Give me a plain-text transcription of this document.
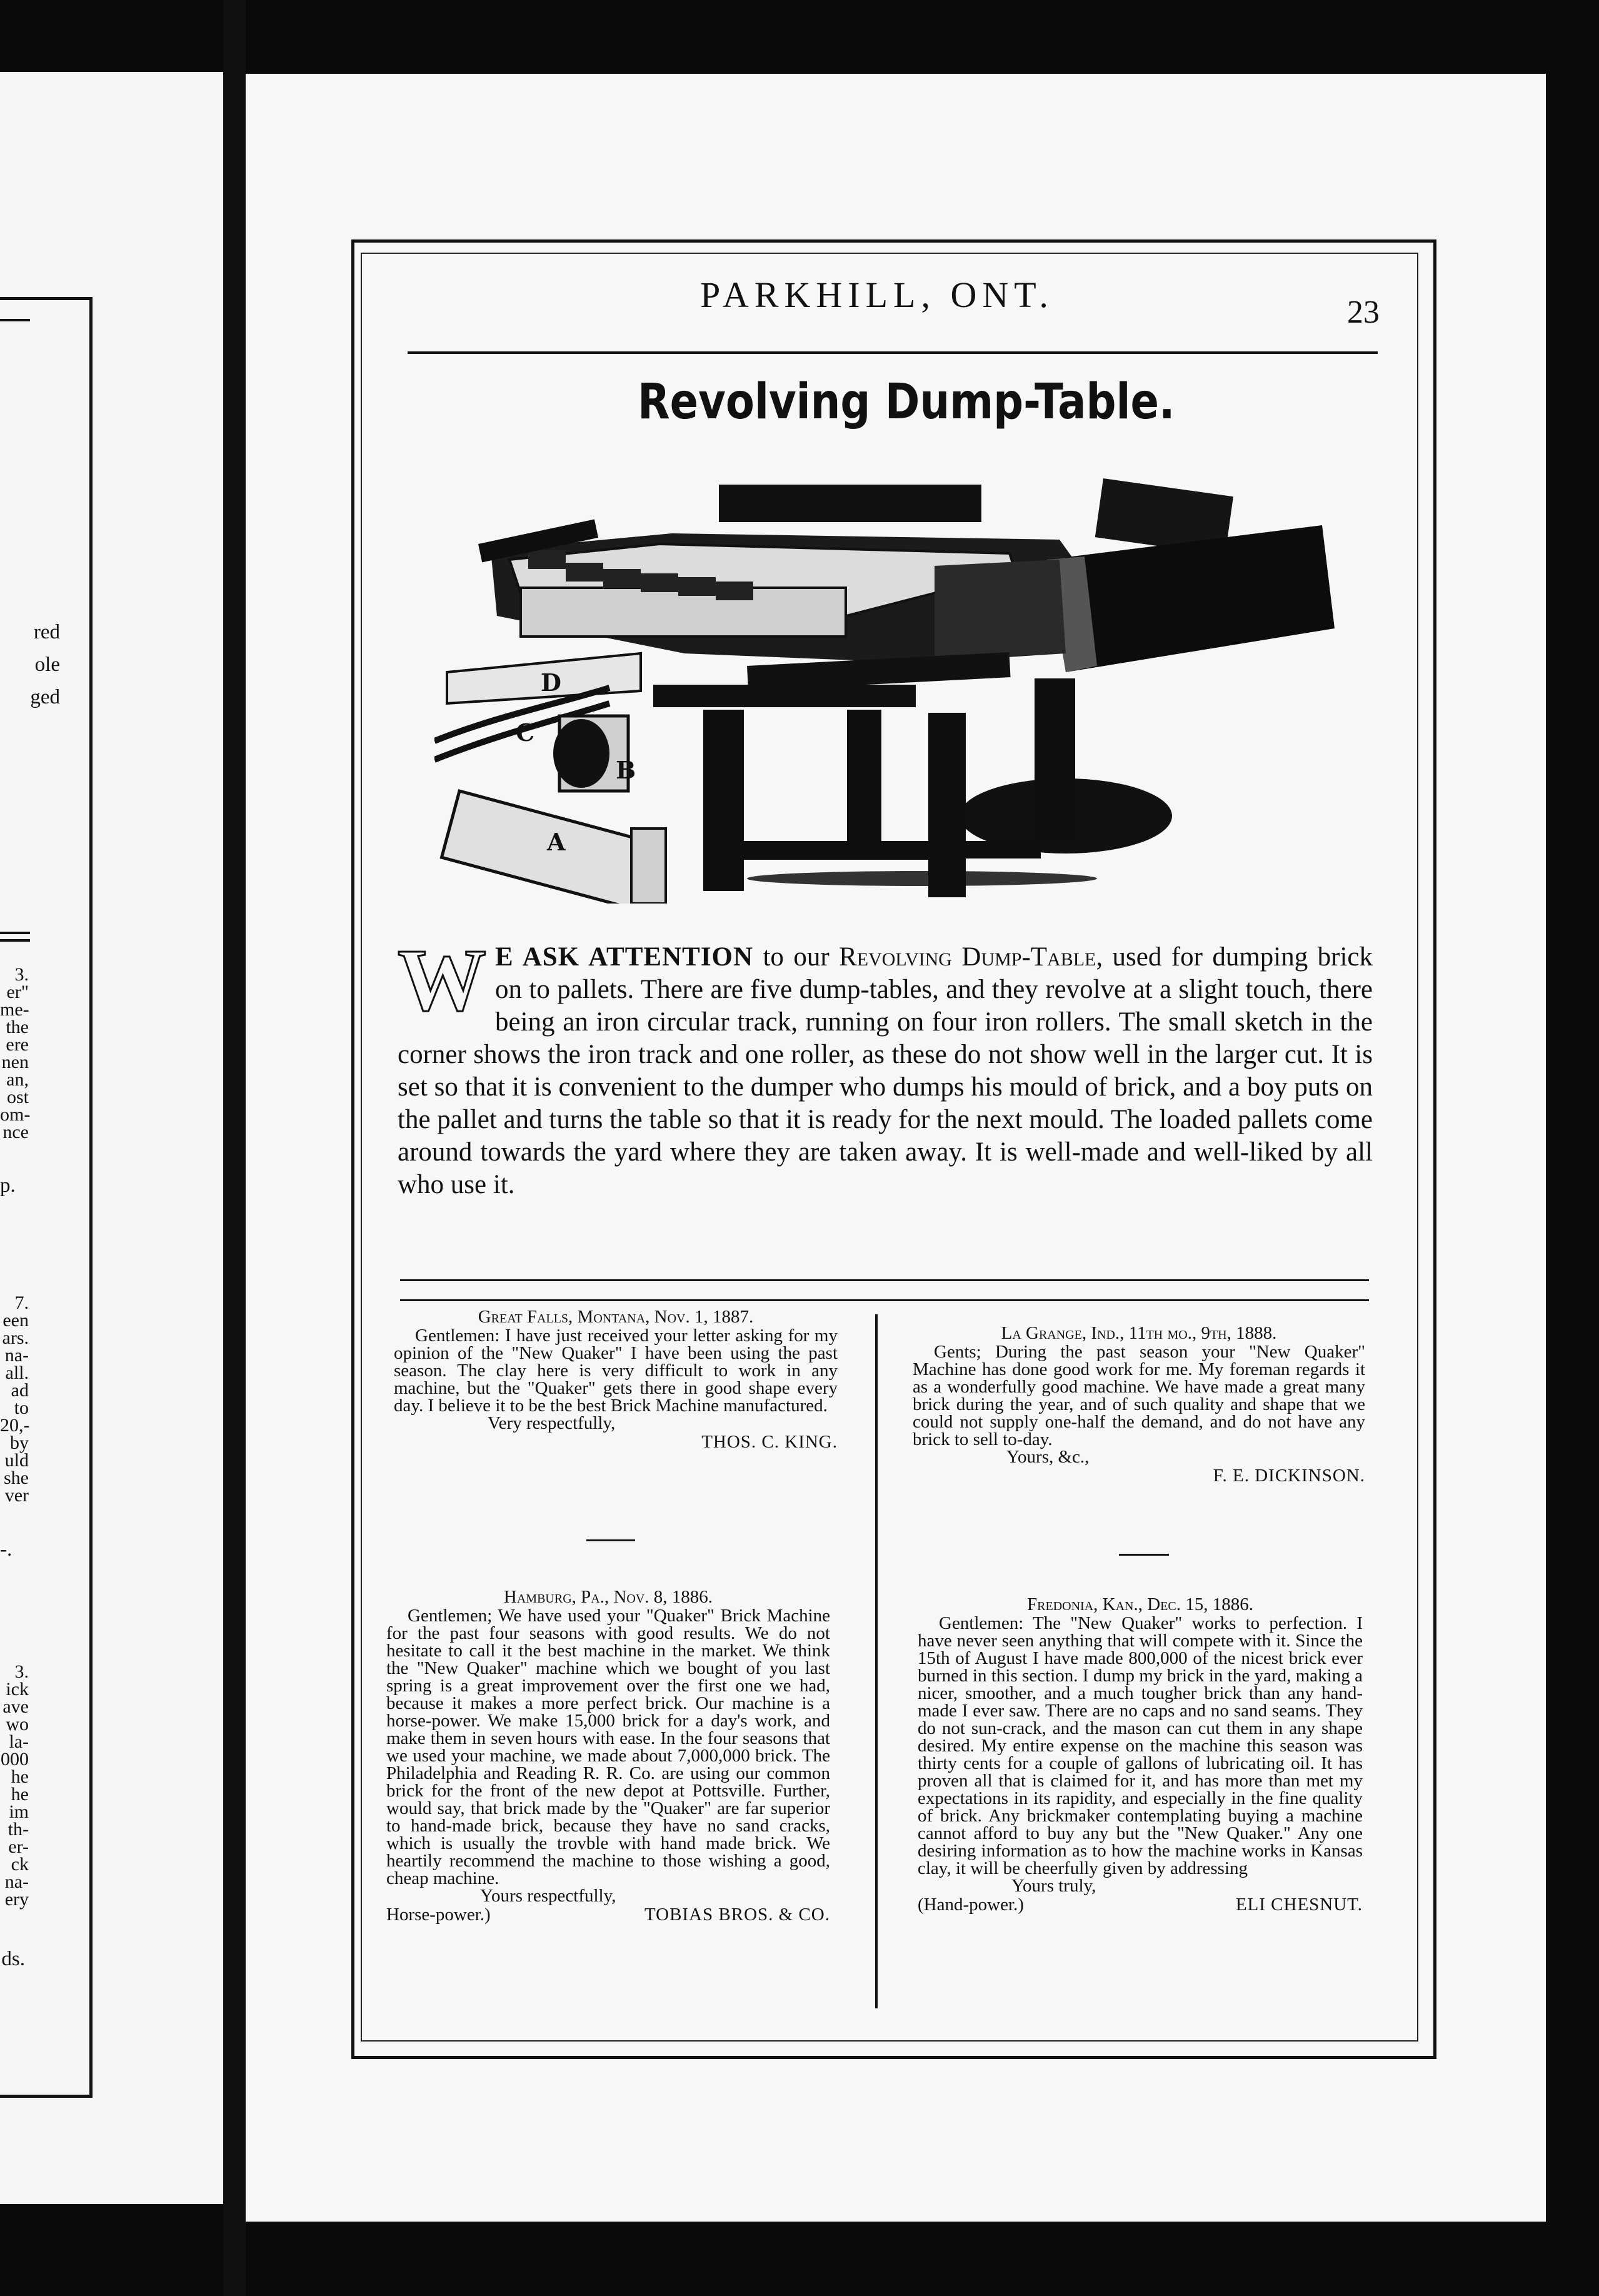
red
ole
ged
3.
er"
me-
the
ere
nen
an,
ost
om-
nce
p.
7.
een
ars.
na-
all.
ad
to
20,-
by
uld
she
ver
-.
3.
ick
ave
wo
la-
000
he
he
im
th-
er-
ck
na-
ery
ds.
PARKHILL, ONT.	23
Revolving Dump-Table.
D
C
B
A
W E ASK ATTENTION to our Revolving Dump-Table, used for dumping brick on to pallets. There are five dump-tables, and they revolve at a slight touch, there being an iron circular track, running on four iron rollers. The small sketch in the corner shows the iron track and one roller, as these do not show well in the larger cut. It is set so that it is convenient to the dumper who dumps his mould of brick, and a boy puts on the pallet and turns the table so that it is ready for the next mould. The loaded pallets come around towards the yard where they are taken away. It is well-made and well-liked by all who use it.
Great Falls, Montana, Nov. 1, 1887.
Gentlemen: I have just received your letter asking for my opinion of the "New Quaker" I have been using the past season. The clay here is very difficult to work in any machine, but the "Quaker" gets there in good shape every day. I believe it to be the best Brick Machine manufactured.
Very respectfully,
THOS. C. KING.
La Grange, Ind., 11th mo., 9th, 1888.
Gents; During the past season your "New Quaker" Machine has done good work for me. My foreman regards it as a wonderfully good machine. We have made a great many brick during the year, and of such quality and shape that we could not supply one-half the demand, and do not have any brick to sell to-day.
Yours, &c.,
F. E. DICKINSON.
Hamburg, Pa., Nov. 8, 1886.
Gentlemen; We have used your "Quaker" Brick Machine for the past four seasons with good results. We do not hesitate to call it the best machine in the market. We think the "New Quaker" machine which we bought of you last spring is a great improvement over the first one we had, because it makes a more perfect brick. Our machine is a horse-power. We make 15,000 brick for a day's work, and make them in seven hours with ease. In the four seasons that we used your machine, we made about 7,000,000 brick. The Philadelphia and Reading R. R. Co. are using our common brick for the front of the new depot at Pottsville. Further, would say, that brick made by the "Quaker" are far superior to hand-made brick, because they have no sand cracks, which is usually the trovble with hand made brick. We heartily recommend the machine to those wishing a good, cheap machine.
Yours respectfully,
Horse-power.)	TOBIAS BROS. & CO.
Fredonia, Kan., Dec. 15, 1886.
Gentlemen: The "New Quaker" works to perfection. I have never seen anything that will compete with it. Since the 15th of August I have made 800,000 of the nicest brick ever burned in this section. I dump my brick in the yard, making a nicer, smoother, and a much tougher brick than any hand-made I ever saw. There are no caps and no sand seams. They do not sun-crack, and the mason can cut them in any shape desired. My entire expense on the machine this season was thirty cents for a couple of gallons of lubricating oil. It has proven all that is claimed for it, and has more than met my expectations in its rapidity, and especially in the fine quality of brick. Any brickmaker contemplating buying a machine cannot afford to buy any but the "New Quaker." Any one desiring information as to how the machine works in Kansas clay, it will be cheerfully given by addressing
Yours truly,
(Hand-power.)	ELI CHESNUT.
